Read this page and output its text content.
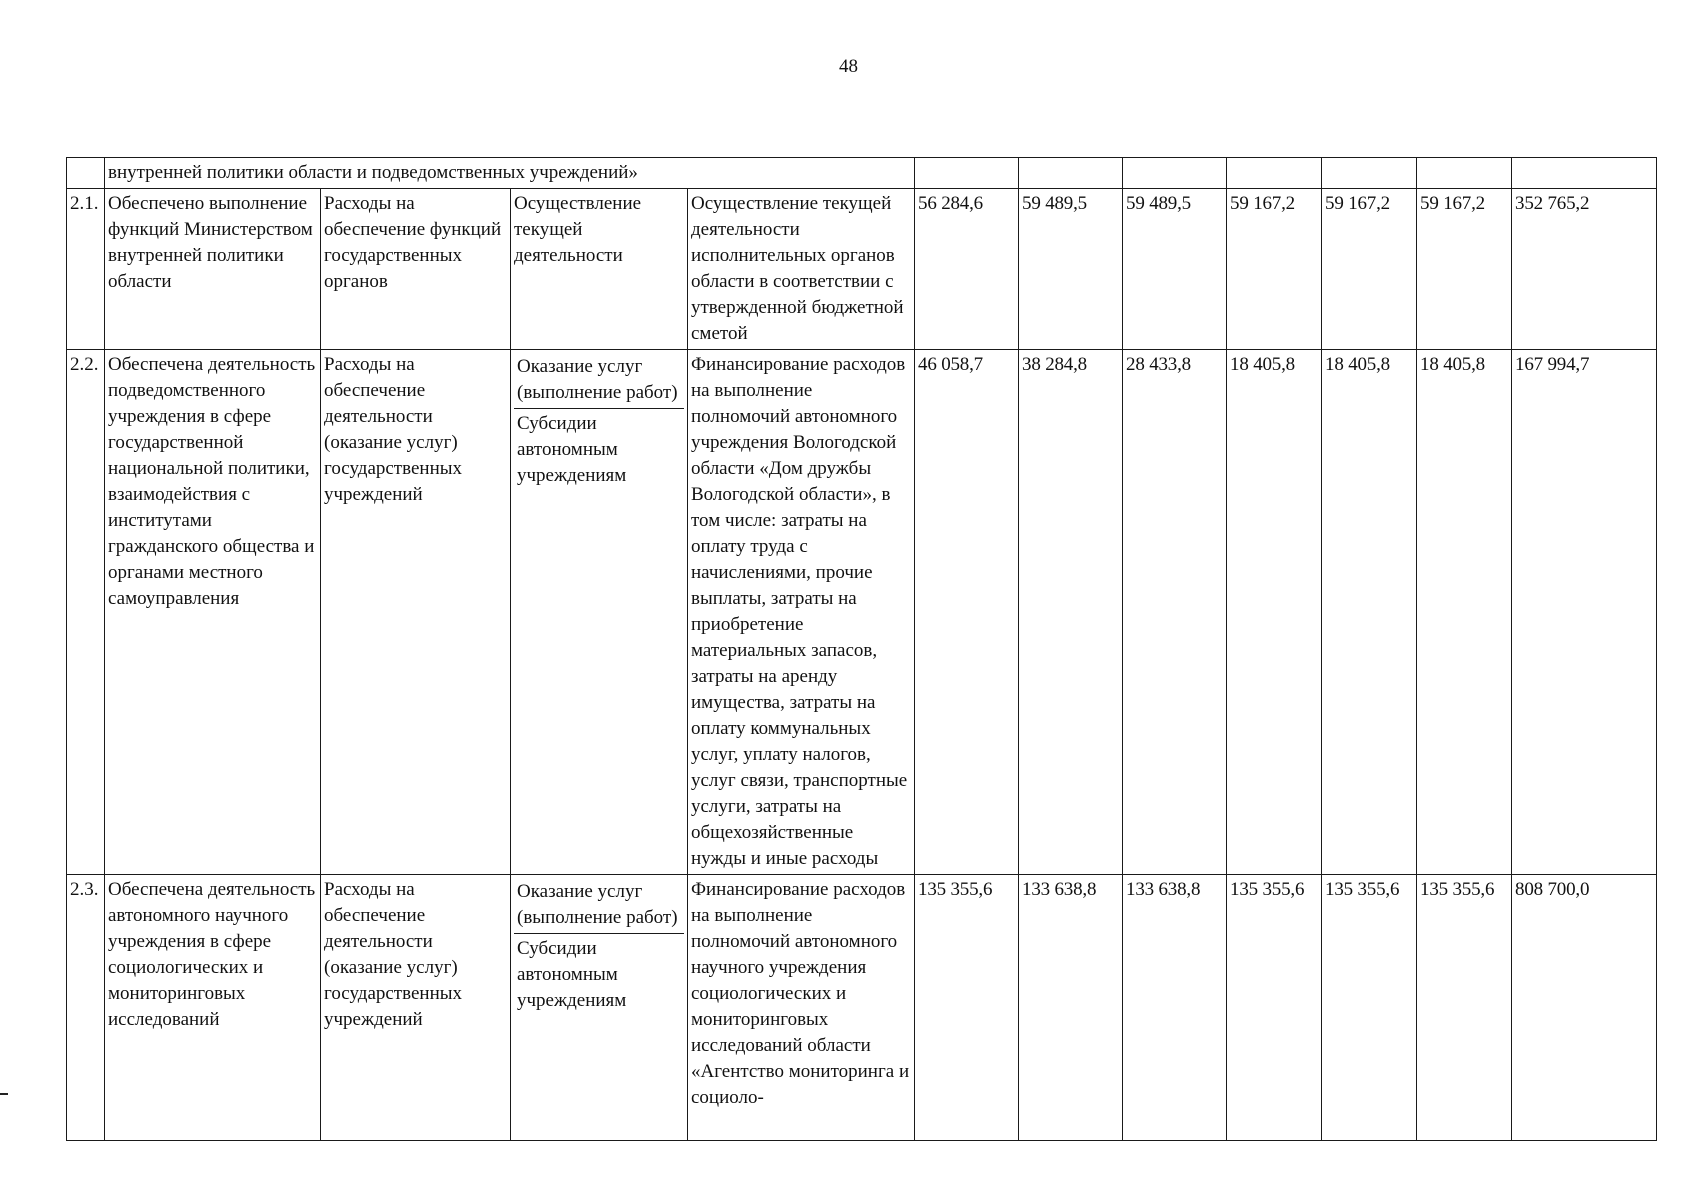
48
	внутренней политики области и подведомственных учреждений»										
2.1.	Обеспечено выполнение функций Министерством внутренней политики области	Расходы на обеспечение функций государственных органов	Осуществление текущей деятельности	Осуществление текущей деятельности исполнительных органов области в соответствии с утвержденной бюджетной сметой	56 284,6	59 489,5	59 489,5	59 167,2	59 167,2	59 167,2	352 765,2
2.2.	Обеспечена деятельность подведомственного учреждения в сфере государственной национальной политики, взаимодействия с институтами гражданского общества и органами местного самоуправления	Расходы на обеспечение деятельности (оказание услуг) государственных учреждений	Оказание услуг (выполнение работ)
Субсидии автономным учреждениям	Финансирование расходов на выполнение полномочий автономного учреждения Вологодской области «Дом дружбы Вологодской области», в том числе: затраты на оплату труда с начислениями, прочие выплаты, затраты на приобретение материальных запасов, затраты на аренду имущества, затраты на оплату коммунальных услуг, уплату налогов, услуг связи, транспортные услуги, затраты на общехозяйственные нужды и иные расходы	46 058,7	38 284,8	28 433,8	18 405,8	18 405,8	18 405,8	167 994,7
2.3.	Обеспечена деятельность автономного научного учреждения в сфере социологических и мониторинговых исследований	Расходы на обеспечение деятельности (оказание услуг) государственных учреждений	Оказание услуг (выполнение работ)
Субсидии автономным учреждениям	Финансирование расходов на выполнение полномочий автономного научного учреждения социологических и мониторинговых исследований области «Агентство мониторинга и социоло-	135 355,6	133 638,8	133 638,8	135 355,6	135 355,6	135 355,6	808 700,0
